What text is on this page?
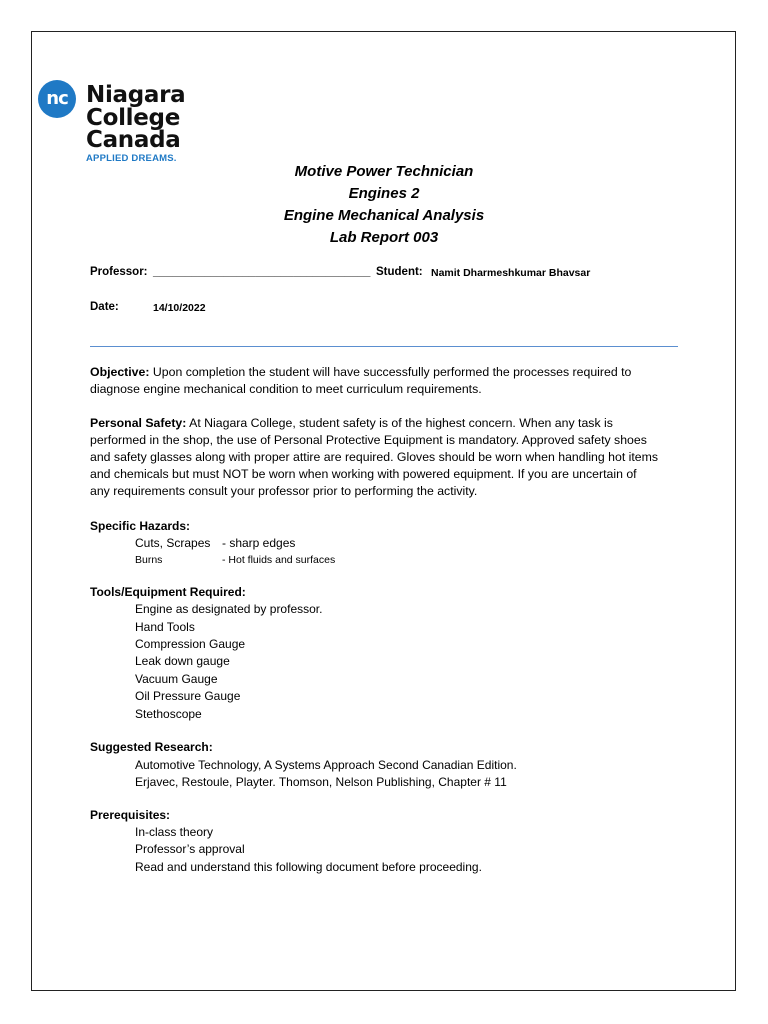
nc Niagara
College
Canada
APPLIED DREAMS.
Motive Power Technician
Engines 2
Engine Mechanical Analysis
Lab Report 003
Professor: __________________________________ Student: Namit Dharmeshkumar Bhavsar
Date:	14/10/2022
Objective: Upon completion the student will have successfully performed the processes required to
diagnose engine mechanical condition to meet curriculum requirements.
Personal Safety: At Niagara College, student safety is of the highest concern. When any task is
performed in the shop, the use of Personal Protective Equipment is mandatory. Approved safety shoes
and safety glasses along with proper attire are required. Gloves should be worn when handling hot items
and chemicals but must NOT be worn when working with powered equipment. If you are uncertain of
any requirements consult your professor prior to performing the activity.
Specific Hazards:
Cuts, Scrapes - sharp edges
Burns	- Hot fluids and surfaces
Tools/Equipment Required:
Engine as designated by professor.
Hand Tools
Compression Gauge
Leak down gauge
Vacuum Gauge
Oil Pressure Gauge
Stethoscope
Suggested Research:
Automotive Technology, A Systems Approach Second Canadian Edition.
Erjavec, Restoule, Playter. Thomson, Nelson Publishing, Chapter # 11
Prerequisites:
In-class theory
Professor’s approval
Read and understand this following document before proceeding.
